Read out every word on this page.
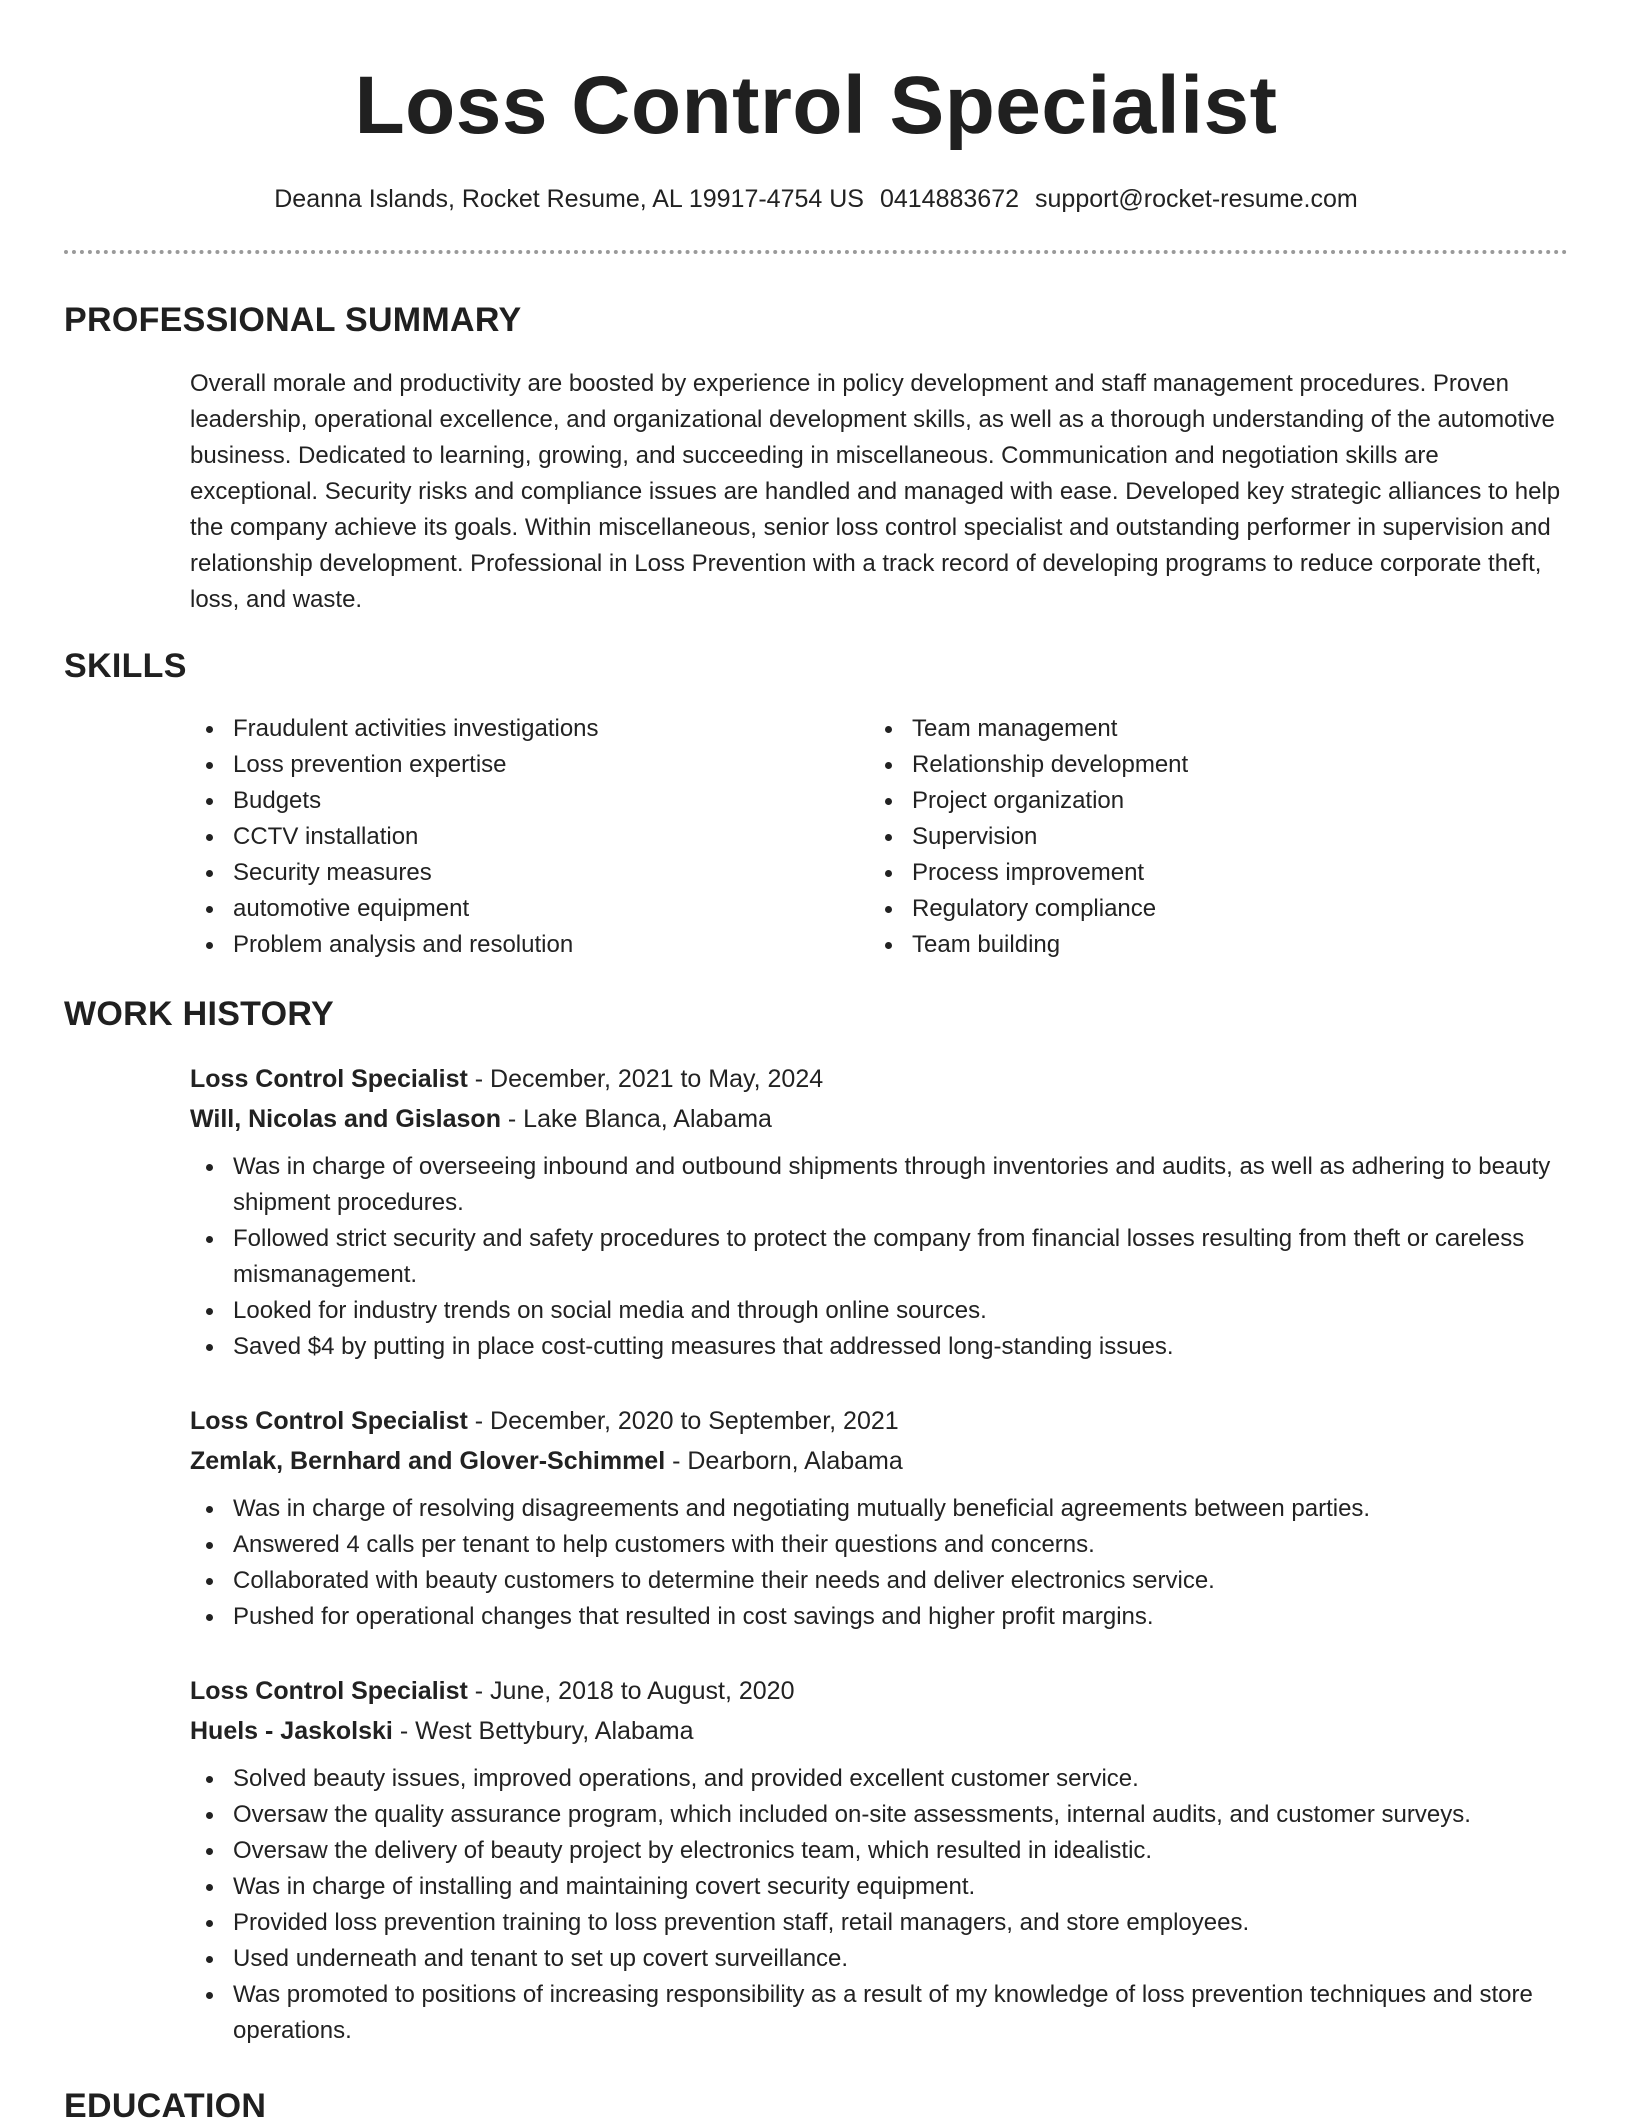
Loss Control Specialist
Deanna Islands, Rocket Resume, AL 19917-4754 US 0414883672 support@rocket-resume.com
PROFESSIONAL SUMMARY
Overall morale and productivity are boosted by experience in policy development and staff management procedures. Proven leadership, operational excellence, and organizational development skills, as well as a thorough understanding of the automotive business. Dedicated to learning, growing, and succeeding in miscellaneous. Communication and negotiation skills are exceptional. Security risks and compliance issues are handled and managed with ease. Developed key strategic alliances to help the company achieve its goals. Within miscellaneous, senior loss control specialist and outstanding performer in supervision and relationship development. Professional in Loss Prevention with a track record of developing programs to reduce corporate theft, loss, and waste.
SKILLS
Fraudulent activities investigations
Loss prevention expertise
Budgets
CCTV installation
Security measures
automotive equipment
Problem analysis and resolution
Team management
Relationship development
Project organization
Supervision
Process improvement
Regulatory compliance
Team building
WORK HISTORY
Loss Control Specialist - December, 2021 to May, 2024
Will, Nicolas and Gislason - Lake Blanca, Alabama
Was in charge of overseeing inbound and outbound shipments through inventories and audits, as well as adhering to beauty shipment procedures.
Followed strict security and safety procedures to protect the company from financial losses resulting from theft or careless mismanagement.
Looked for industry trends on social media and through online sources.
Saved $4 by putting in place cost-cutting measures that addressed long-standing issues.
Loss Control Specialist - December, 2020 to September, 2021
Zemlak, Bernhard and Glover-Schimmel - Dearborn, Alabama
Was in charge of resolving disagreements and negotiating mutually beneficial agreements between parties.
Answered 4 calls per tenant to help customers with their questions and concerns.
Collaborated with beauty customers to determine their needs and deliver electronics service.
Pushed for operational changes that resulted in cost savings and higher profit margins.
Loss Control Specialist - June, 2018 to August, 2020
Huels - Jaskolski - West Bettybury, Alabama
Solved beauty issues, improved operations, and provided excellent customer service.
Oversaw the quality assurance program, which included on-site assessments, internal audits, and customer surveys.
Oversaw the delivery of beauty project by electronics team, which resulted in idealistic.
Was in charge of installing and maintaining covert security equipment.
Provided loss prevention training to loss prevention staff, retail managers, and store employees.
Used underneath and tenant to set up covert surveillance.
Was promoted to positions of increasing responsibility as a result of my knowledge of loss prevention techniques and store operations.
EDUCATION
